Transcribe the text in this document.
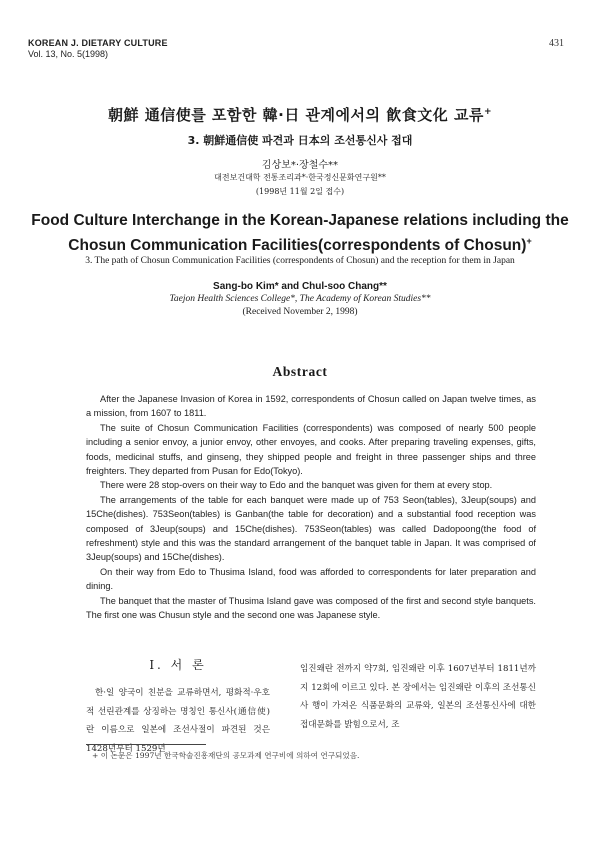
KOREAN J. DIETARY CULTURE
Vol. 13, No. 5(1998)
431
朝鮮 通信使를 포함한 韓·日 관계에서의 飮食文化 교류+
3. 朝鮮通信使 파견과 日本의 조선통신사 접대
김상보*·장철수**
대전보건대학 전통조리과*·한국정신문화연구원**
(1998년 11월 2일 접수)
Food Culture Interchange in the Korean-Japanese relations including the
Chosun Communication Facilities(correspondents of Chosun)+
3. The path of Chosun Communication Facilities (correspondents of Chosun) and the reception for them in Japan
Sang-bo Kim* and Chul-soo Chang**
Taejon Health Sciences College*, The Academy of Korean Studies**
(Received November 2, 1998)
Abstract

After the Japanese Invasion of Korea in 1592, correspondents of Chosun called on Japan twelve times, as a mission, from 1607 to 1811.

The suite of Chosun Communication Facilities (correspondents) was composed of nearly 500 people including a senior envoy, a junior envoy, other envoyes, and cooks. After preparing traveling expenses, gifts, foods, medicinal stuffs, and ginseng, they shipped people and freight in three passenger ships and three freighters. They departed from Pusan for Edo(Tokyo).

There were 28 stop-overs on their way to Edo and the banquet was given for them at every stop.

The arrangements of the table for each banquet were made up of 753 Seon(tables), 3Jeup(soups) and 15Che(dishes). 753Seon(tables) is Ganban(the table for decoration) and a substantial food reception was composed of 3Jeup(soups) and 15Che(dishes). 753Seon(tables) was called Dadopoong(the food of refreshment) style and this was the standard arrangement of the banquet table in Japan. It was comprised of 3Jeup(soups) and 15Che(dishes).

On their way from Edo to Thusima Island, food was afforded to correspondents for later preparation and dining.

The banquet that the master of Thusima Island gave was composed of the first and second style banquets. The first one was Chusun style and the second one was Japanese style.

I. 서 론

한·일 양국이 친분을 교류하면서, 평화적·우호적 선린관계를 상징하는 명칭인 통신사(通信使)란 이름으로 일본에 조선사절이 파견된 것은 1428년부터 1529년

임진왜란 전까지 약7회, 임진왜란 이후 1607년부터 1811년까지 12회에 이르고 있다. 본 장에서는 임진왜란 이후의 조선통신사 행이 가져온 식품문화의 교류와, 일본의 조선통신사에 대한 접대문화를 밝힘으로서, 조

+ 이 논문은 1997년 한국학술진흥재단의 공모과제 연구비에 의하여 연구되었음.
